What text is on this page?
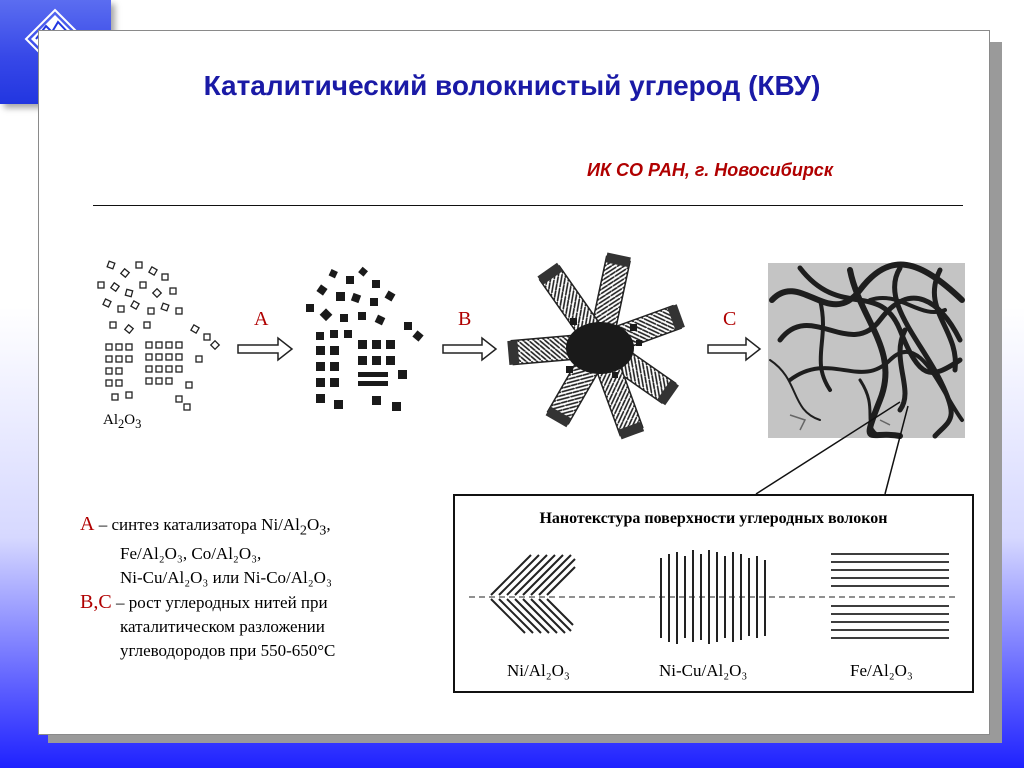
Каталитический волокнистый углерод (КВУ)
ИК СО РАН, г. Новосибирск
A	B	C
$Al_2O_3$
A – синтез катализатора $Ni/Al_2O_3$,
Fe/Al₂O₃, Co/Al₂O₃,
Ni-Cu/Al₂O₃ или Ni-Co/Al₂O₃
B,C – рост углеродных нитей при
каталитическом разложении
углеводородов при 550-650°С
Нанотекстура поверхности углеродных волокон
Ni/Al₂O₃	Ni-Cu/Al₂O₃	Fe/Al₂O₃
